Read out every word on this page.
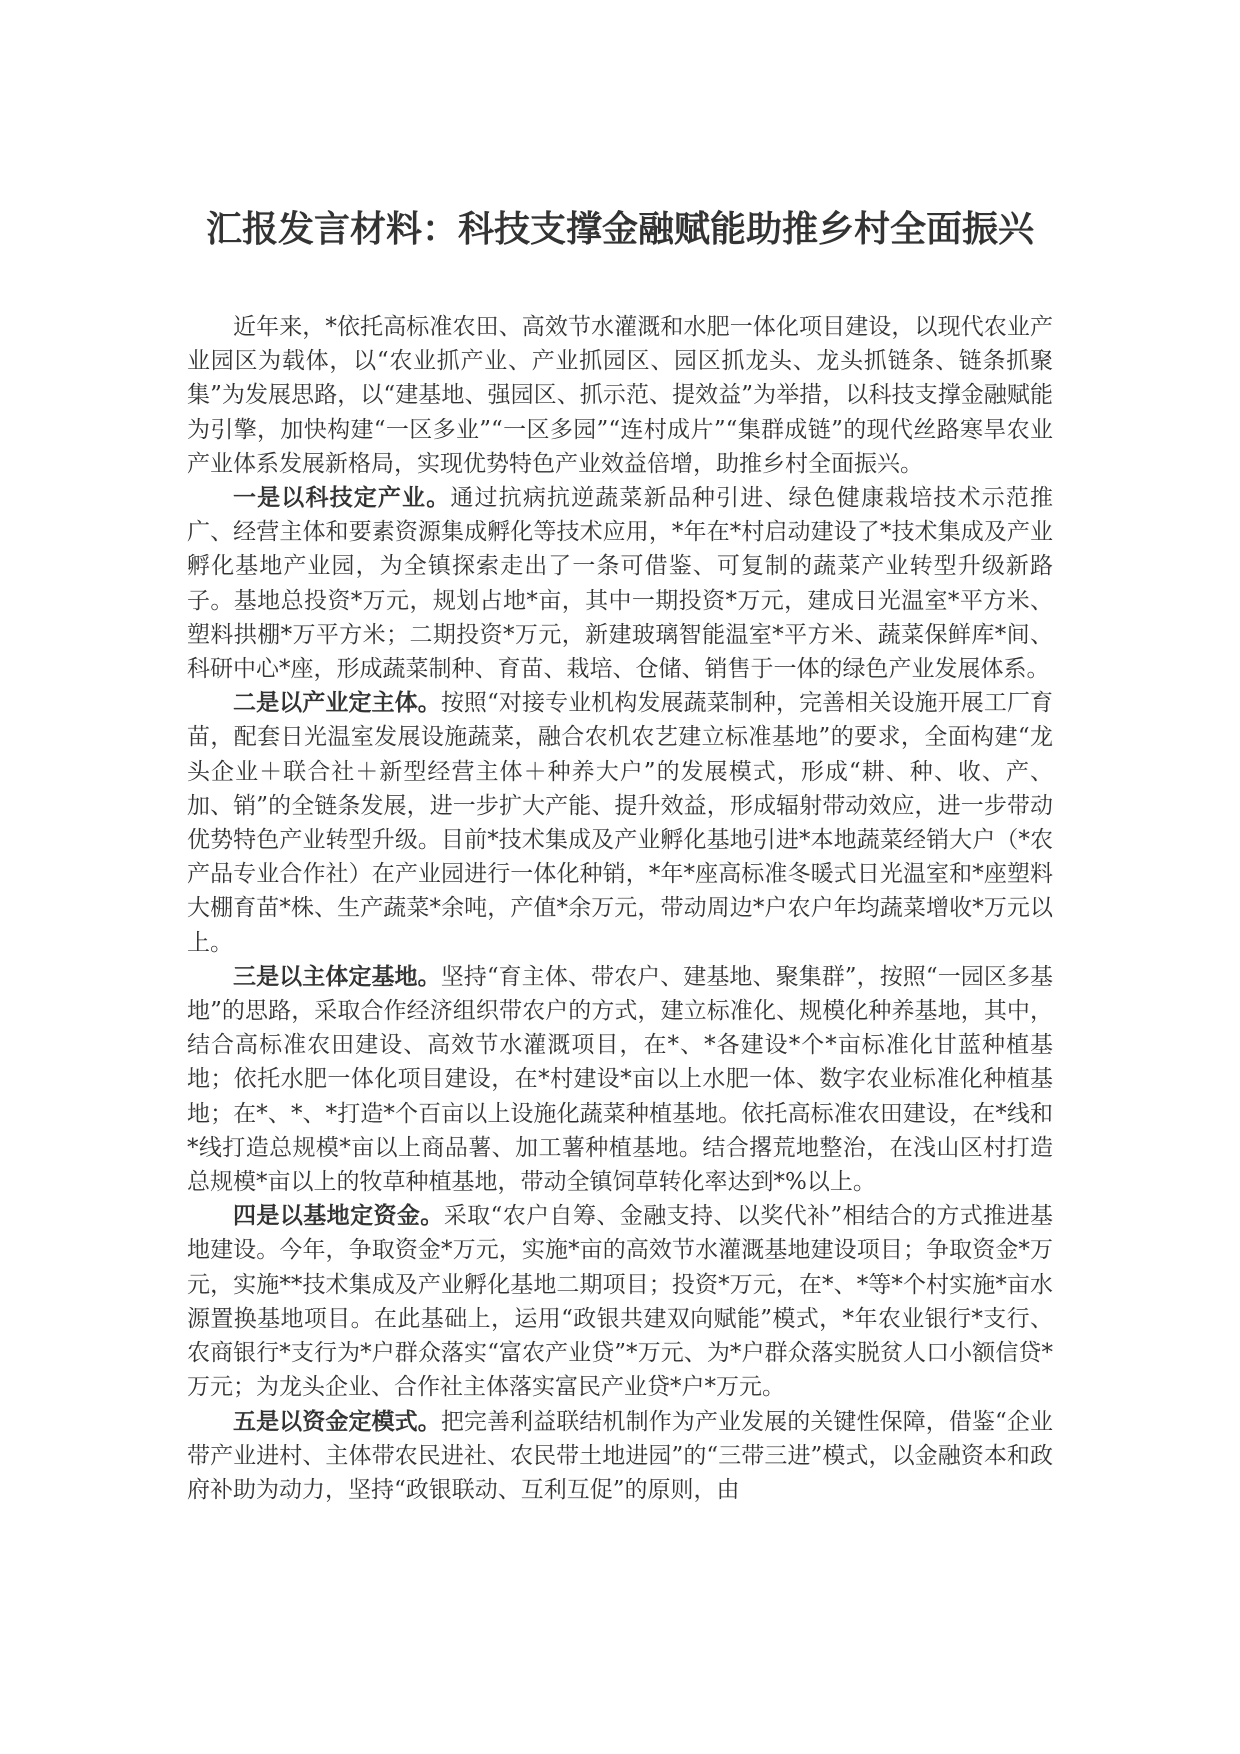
汇报发言材料：科技支撑金融赋能助推乡村全面振兴

近年来，*依托高标准农田、高效节水灌溉和水肥一体化项目建设，以现代农业产业园区为载体，以“农业抓产业、产业抓园区、园区抓龙头、龙头抓链条、链条抓聚集”为发展思路，以“建基地、强园区、抓示范、提效益”为举措，以科技支撑金融赋能为引擎，加快构建“一区多业”“一区多园”“连村成片”“集群成链”的现代丝路寒旱农业产业体系发展新格局，实现优势特色产业效益倍增，助推乡村全面振兴。

一是以科技定产业。通过抗病抗逆蔬菜新品种引进、绿色健康栽培技术示范推广、经营主体和要素资源集成孵化等技术应用，*年在*村启动建设了*技术集成及产业孵化基地产业园，为全镇探索走出了一条可借鉴、可复制的蔬菜产业转型升级新路子。基地总投资*万元，规划占地*亩，其中一期投资*万元，建成日光温室*平方米、塑料拱棚*万平方米；二期投资*万元，新建玻璃智能温室*平方米、蔬菜保鲜库*间、科研中心*座，形成蔬菜制种、育苗、栽培、仓储、销售于一体的绿色产业发展体系。

二是以产业定主体。按照“对接专业机构发展蔬菜制种，完善相关设施开展工厂育苗，配套日光温室发展设施蔬菜，融合农机农艺建立标准基地”的要求，全面构建“龙头企业＋联合社＋新型经营主体＋种养大户”的发展模式，形成“耕、种、收、产、加、销”的全链条发展，进一步扩大产能、提升效益，形成辐射带动效应，进一步带动优势特色产业转型升级。目前*技术集成及产业孵化基地引进*本地蔬菜经销大户（*农产品专业合作社）在产业园进行一体化种销，*年*座高标准冬暖式日光温室和*座塑料大棚育苗*株、生产蔬菜*余吨，产值*余万元，带动周边*户农户年均蔬菜增收*万元以上。

三是以主体定基地。坚持“育主体、带农户、建基地、聚集群”，按照“一园区多基地”的思路，采取合作经济组织带农户的方式，建立标准化、规模化种养基地，其中，结合高标准农田建设、高效节水灌溉项目，在*、*各建设*个*亩标准化甘蓝种植基地；依托水肥一体化项目建设，在*村建设*亩以上水肥一体、数字农业标准化种植基地；在*、*、*打造*个百亩以上设施化蔬菜种植基地。依托高标准农田建设，在*线和*线打造总规模*亩以上商品薯、加工薯种植基地。结合撂荒地整治，在浅山区村打造总规模*亩以上的牧草种植基地，带动全镇饲草转化率达到*%以上。

四是以基地定资金。采取“农户自筹、金融支持、以奖代补”相结合的方式推进基地建设。今年，争取资金*万元，实施*亩的高效节水灌溉基地建设项目；争取资金*万元，实施**技术集成及产业孵化基地二期项目；投资*万元，在*、*等*个村实施*亩水源置换基地项目。在此基础上，运用“政银共建双向赋能”模式，*年农业银行*支行、农商银行*支行为*户群众落实“富农产业贷”*万元、为*户群众落实脱贫人口小额信贷*万元；为龙头企业、合作社主体落实富民产业贷*户*万元。

五是以资金定模式。把完善利益联结机制作为产业发展的关键性保障，借鉴“企业带产业进村、主体带农民进社、农民带土地进园”的“三带三进”模式，以金融资本和政府补助为动力，坚持“政银联动、互利互促”的原则，由
